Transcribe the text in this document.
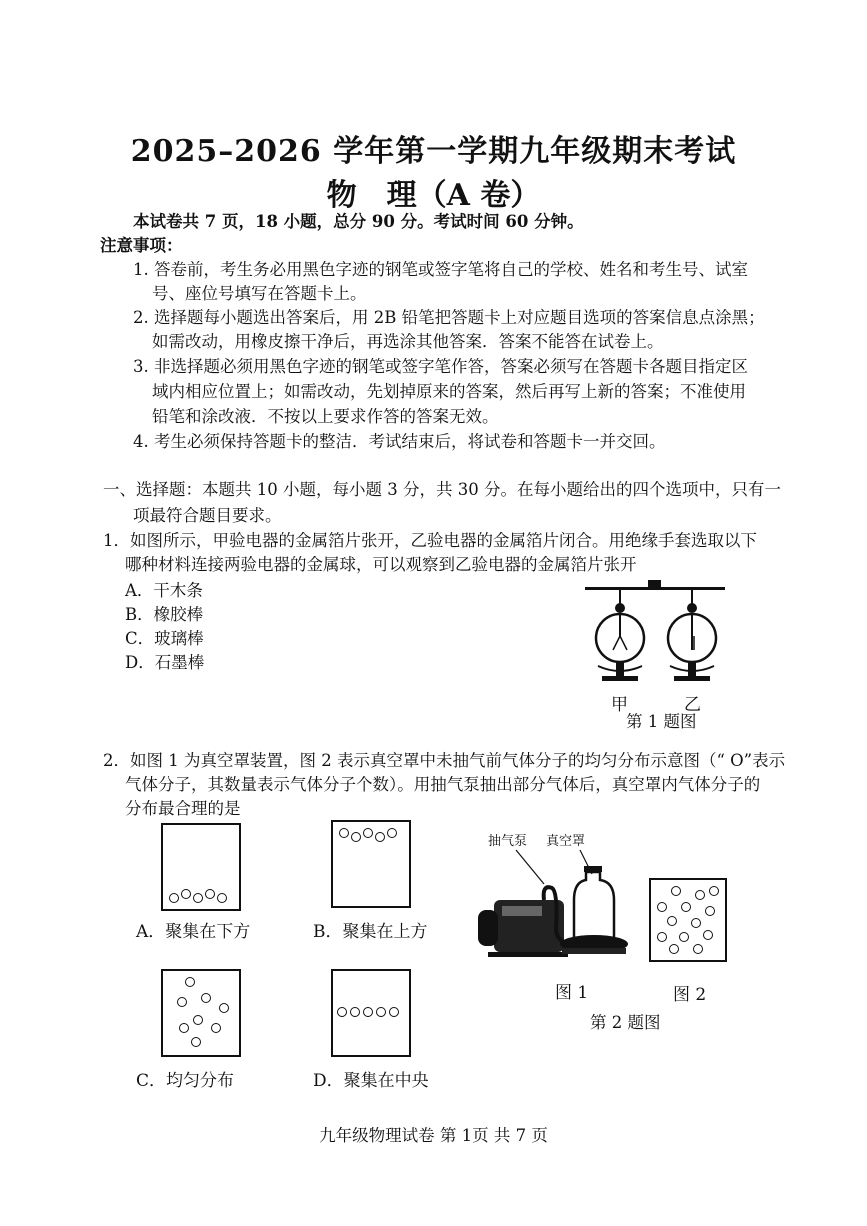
2025–2026 学年第一学期九年级期末考试
物　理（A 卷）
本试卷共 7 页，18 小题，总分 90 分。考试时间 60 分钟。
注意事项：
1. 答卷前，考生务必用黑色字迹的钢笔或签字笔将自己的学校、姓名和考生号、试室
号、座位号填写在答题卡上。
2. 选择题每小题选出答案后，用 2B 铅笔把答题卡上对应题目选项的答案信息点涂黑；
如需改动，用橡皮擦干净后，再选涂其他答案．答案不能答在试卷上。
3. 非选择题必须用黑色字迹的钢笔或签字笔作答，答案必须写在答题卡各题目指定区
域内相应位置上；如需改动，先划掉原来的答案，然后再写上新的答案；不准使用
铅笔和涂改液．不按以上要求作答的答案无效。
4. 考生必须保持答题卡的整洁．考试结束后，将试卷和答题卡一并交回。
一、选择题：本题共 10 小题，每小题 3 分，共 30 分。在每小题给出的四个选项中，只有一
项最符合题目要求。
1．如图所示，甲验电器的金属箔片张开，乙验电器的金属箔片闭合。用绝缘手套选取以下
哪种材料连接两验电器的金属球，可以观察到乙验电器的金属箔片张开
A．干木条
B．橡胶棒
C．玻璃棒
D．石墨棒
甲	乙
第 1 题图
2．如图 1 为真空罩装置，图 2 表示真空罩中未抽气前气体分子的均匀分布示意图（“ O”表示
气体分子，其数量表示气体分子个数）。用抽气泵抽出部分气体后，真空罩内气体分子的
分布最合理的是
A．聚集在下方	B．聚集在上方
C．均匀分布	D．聚集在中央
抽气泵 真空罩
图 1	图 2
第 2 题图
九年级物理试卷 第 1页 共 7 页
